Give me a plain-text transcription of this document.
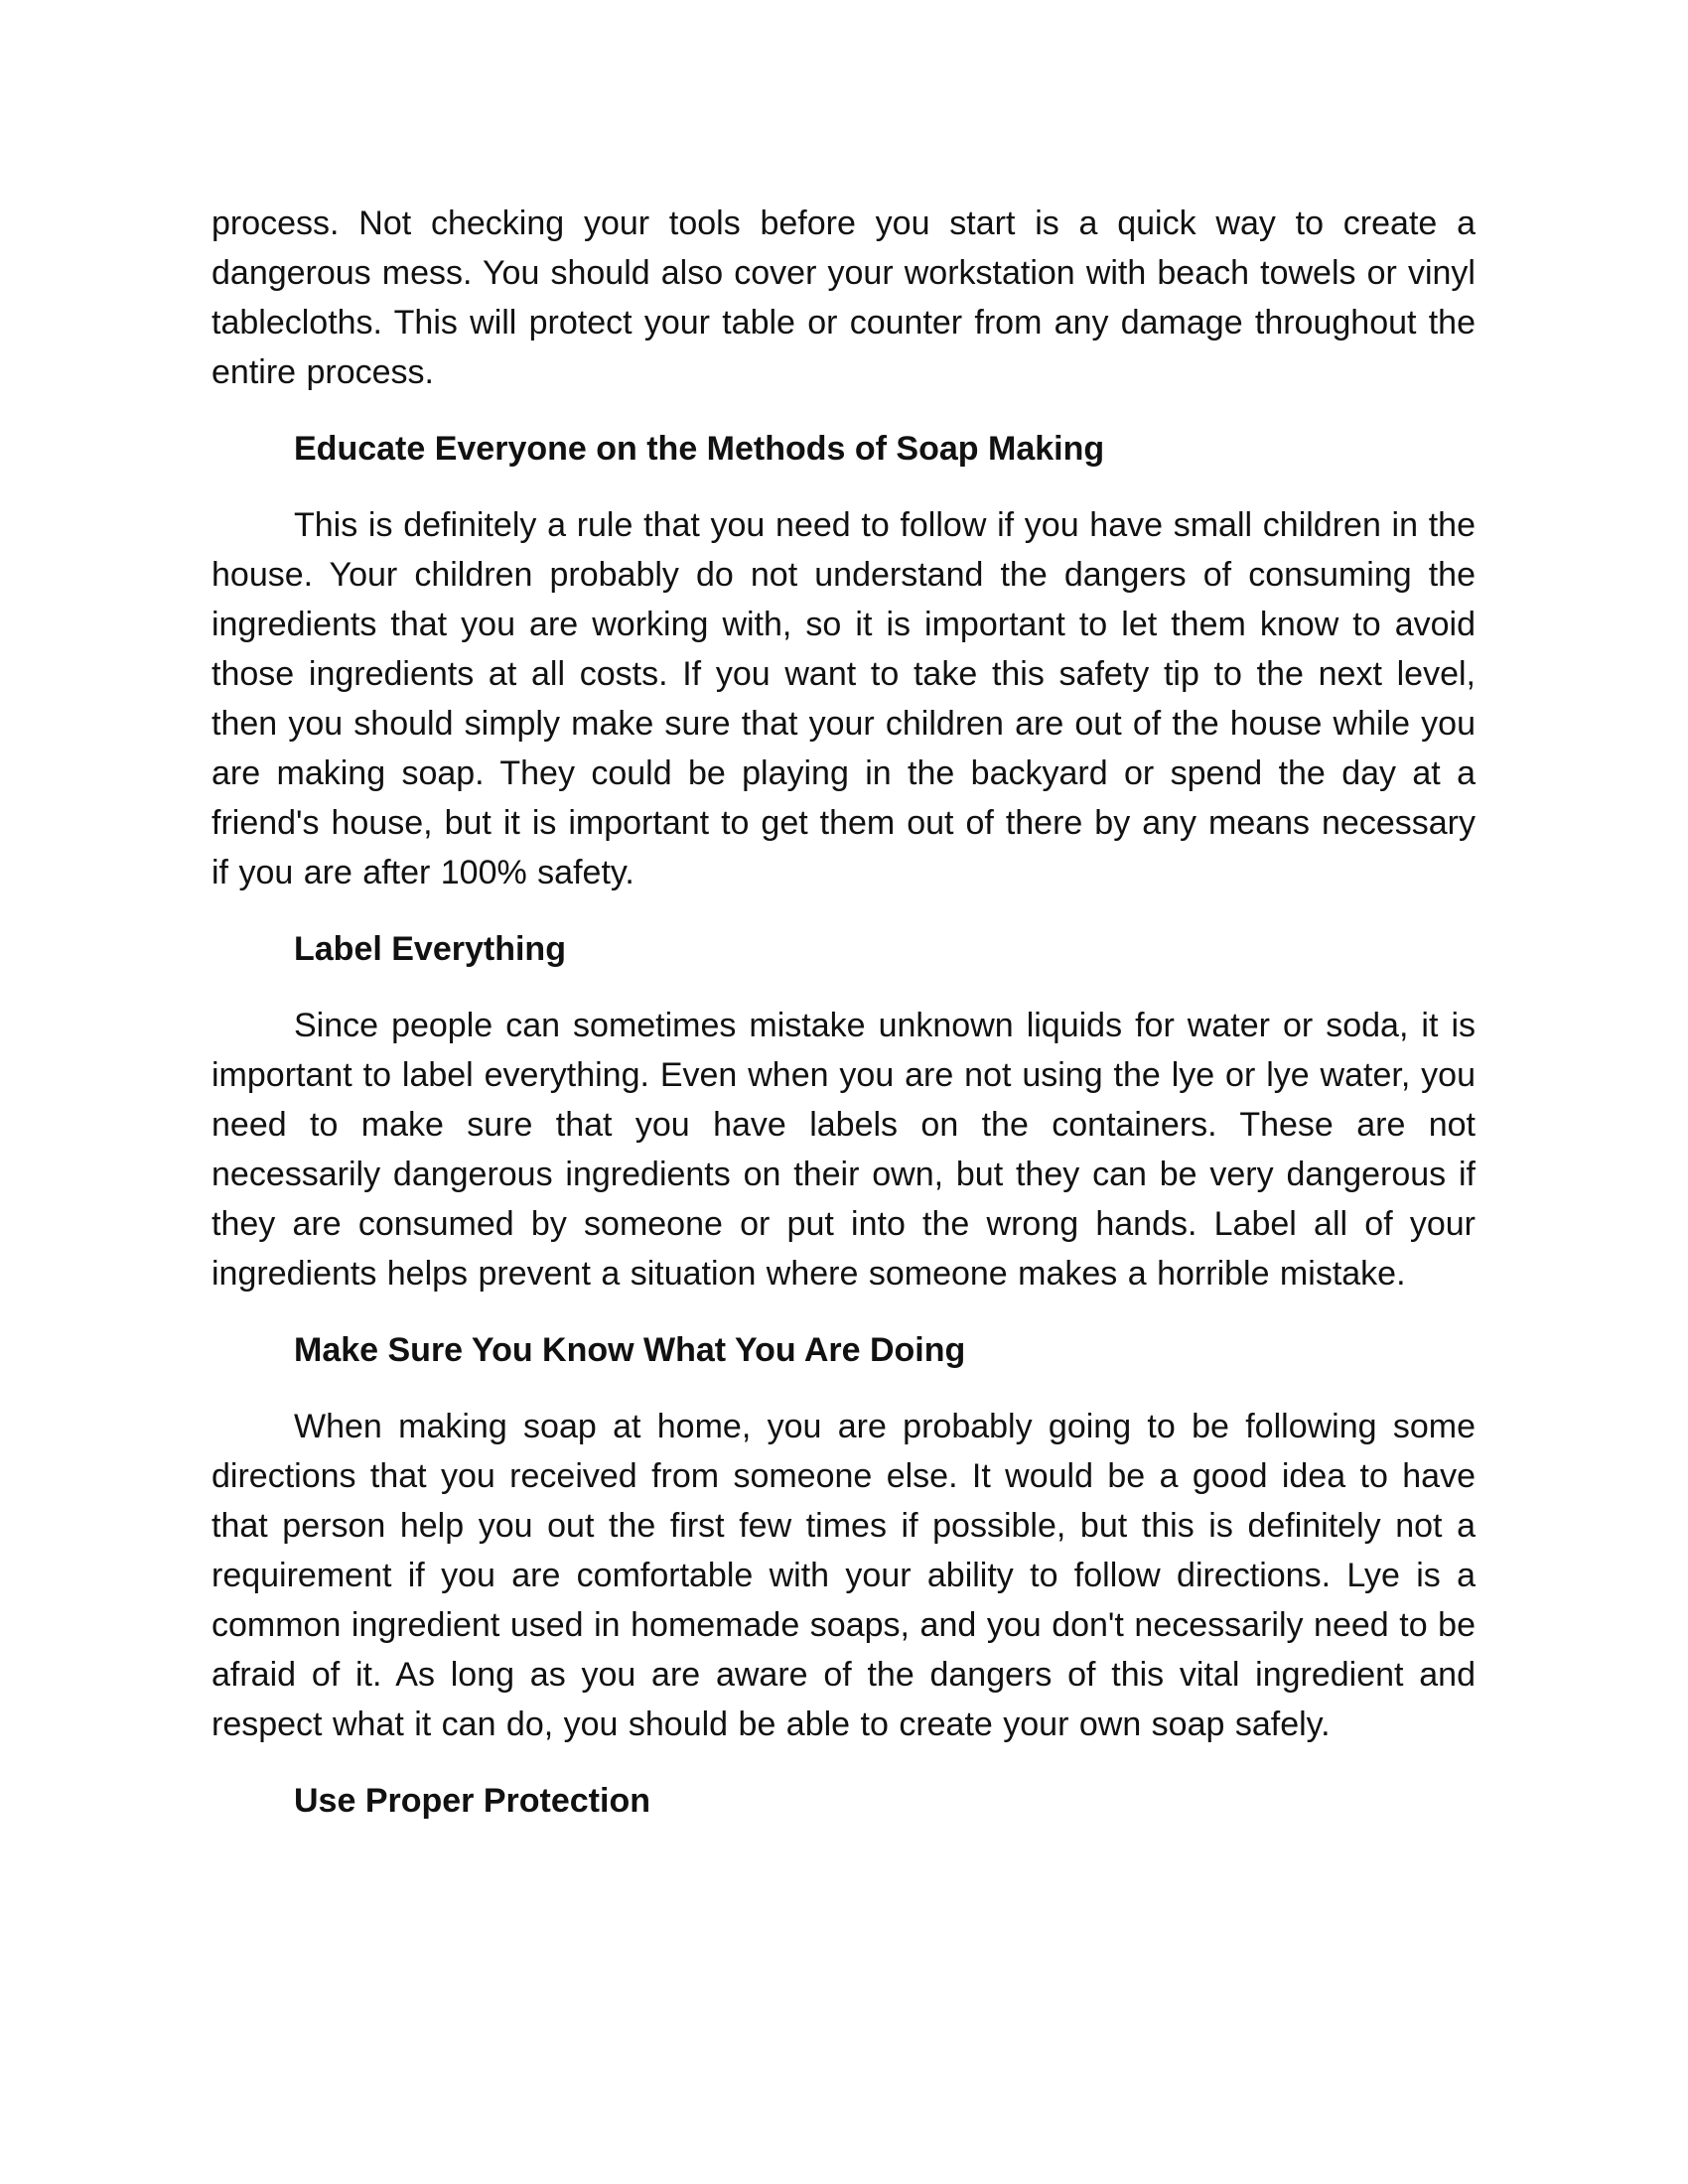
process. Not checking your tools before you start is a quick way to create a dangerous mess. You should also cover your workstation with beach towels or vinyl tablecloths. This will protect your table or counter from any damage throughout the entire process.

Educate Everyone on the Methods of Soap Making

This is definitely a rule that you need to follow if you have small children in the house. Your children probably do not understand the dangers of consuming the ingredients that you are working with, so it is important to let them know to avoid those ingredients at all costs. If you want to take this safety tip to the next level, then you should simply make sure that your children are out of the house while you are making soap. They could be playing in the backyard or spend the day at a friend's house, but it is important to get them out of there by any means necessary if you are after 100% safety.

Label Everything

Since people can sometimes mistake unknown liquids for water or soda, it is important to label everything. Even when you are not using the lye or lye water, you need to make sure that you have labels on the containers. These are not necessarily dangerous ingredients on their own, but they can be very dangerous if they are consumed by someone or put into the wrong hands. Label all of your ingredients helps prevent a situation where someone makes a horrible mistake.

Make Sure You Know What You Are Doing

When making soap at home, you are probably going to be following some directions that you received from someone else. It would be a good idea to have that person help you out the first few times if possible, but this is definitely not a requirement if you are comfortable with your ability to follow directions. Lye is a common ingredient used in homemade soaps, and you don't necessarily need to be afraid of it. As long as you are aware of the dangers of this vital ingredient and respect what it can do, you should be able to create your own soap safely.

Use Proper Protection
